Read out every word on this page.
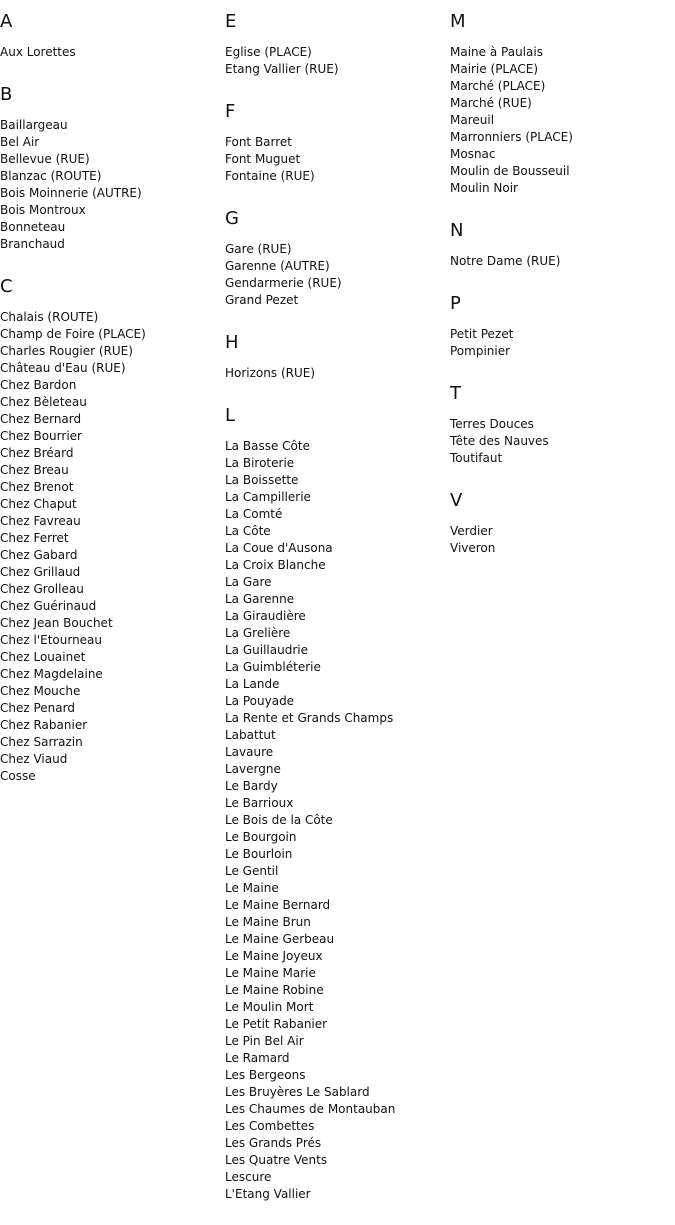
A
Aux Lorettes
B
Baillargeau
Bel Air
Bellevue (RUE)
Blanzac (ROUTE)
Bois Moinnerie (AUTRE)
Bois Montroux
Bonneteau
Branchaud
C
Chalais (ROUTE)
Champ de Foire (PLACE)
Charles Rougier (RUE)
Château d'Eau (RUE)
Chez Bardon
Chez Bèleteau
Chez Bernard
Chez Bourrier
Chez Bréard
Chez Breau
Chez Brenot
Chez Chaput
Chez Favreau
Chez Ferret
Chez Gabard
Chez Grillaud
Chez Grolleau
Chez Guérinaud
Chez Jean Bouchet
Chez l'Etourneau
Chez Louainet
Chez Magdelaine
Chez Mouche
Chez Penard
Chez Rabanier
Chez Sarrazin
Chez Viaud
Cosse
E
Eglise (PLACE)
Etang Vallier (RUE)
F
Font Barret
Font Muguet
Fontaine (RUE)
G
Gare (RUE)
Garenne (AUTRE)
Gendarmerie (RUE)
Grand Pezet
H
Horizons (RUE)
L
La Basse Côte
La Biroterie
La Boissette
La Campillerie
La Comté
La Côte
La Coue d'Ausona
La Croix Blanche
La Gare
La Garenne
La Giraudière
La Grelière
La Guillaudrie
La Guimbléterie
La Lande
La Pouyade
La Rente et Grands Champs
Labattut
Lavaure
Lavergne
Le Bardy
Le Barrioux
Le Bois de la Côte
Le Bourgoin
Le Bourloin
Le Gentil
Le Maine
Le Maine Bernard
Le Maine Brun
Le Maine Gerbeau
Le Maine Joyeux
Le Maine Marie
Le Maine Robine
Le Moulin Mort
Le Petit Rabanier
Le Pin Bel Air
Le Ramard
Les Bergeons
Les Bruyères Le Sablard
Les Chaumes de Montauban
Les Combettes
Les Grands Prés
Les Quatre Vents
Lescure
L'Etang Vallier
M
Maine à Paulais
Mairie (PLACE)
Marché (PLACE)
Marché (RUE)
Mareuil
Marronniers (PLACE)
Mosnac
Moulin de Bousseuil
Moulin Noir
N
Notre Dame (RUE)
P
Petit Pezet
Pompinier
T
Terres Douces
Tête des Nauves
Toutifaut
V
Verdier
Viveron
